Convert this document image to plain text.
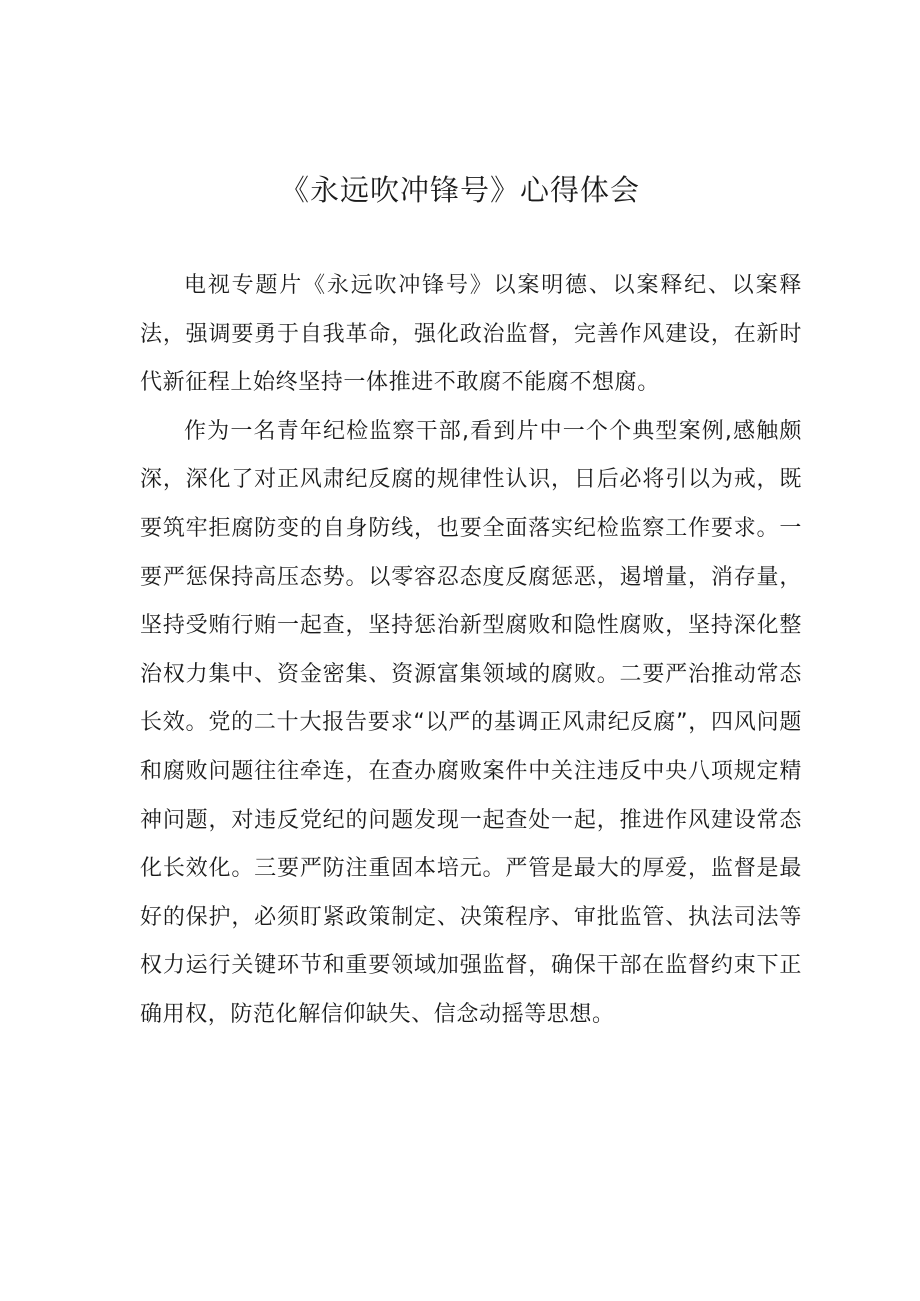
《永远吹冲锋号》心得体会

电视专题片《永远吹冲锋号》以案明德、以案释纪、以案释法，强调要勇于自我革命，强化政治监督，完善作风建设，在新时代新征程上始终坚持一体推进不敢腐不能腐不想腐。

作为一名青年纪检监察干部,看到片中一个个典型案例,感触颇深，深化了对正风肃纪反腐的规律性认识，日后必将引以为戒，既要筑牢拒腐防变的自身防线，也要全面落实纪检监察工作要求。一要严惩保持高压态势。以零容忍态度反腐惩恶，遏增量，消存量，坚持受贿行贿一起查，坚持惩治新型腐败和隐性腐败，坚持深化整治权力集中、资金密集、资源富集领域的腐败。二要严治推动常态长效。党的二十大报告要求“以严的基调正风肃纪反腐”，四风问题和腐败问题往往牵连，在查办腐败案件中关注违反中央八项规定精神问题，对违反党纪的问题发现一起查处一起，推进作风建设常态化长效化。三要严防注重固本培元。严管是最大的厚爱，监督是最好的保护，必须盯紧政策制定、决策程序、审批监管、执法司法等权力运行关键环节和重要领域加强监督，确保干部在监督约束下正确用权，防范化解信仰缺失、信念动摇等思想。
